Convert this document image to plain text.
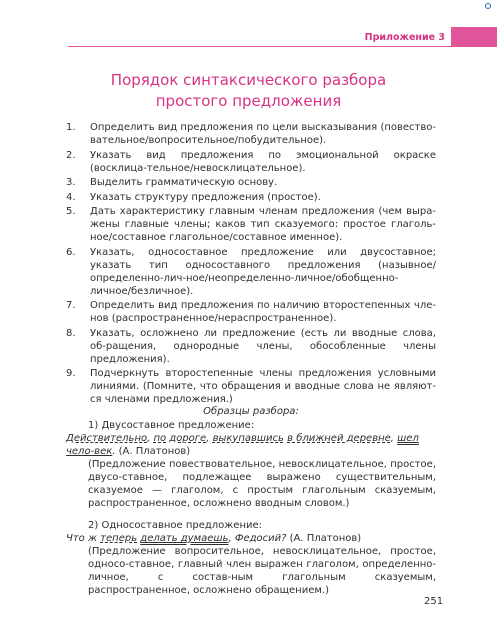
Приложение 3
Порядок синтаксического разбора
простого предложения
1. Определить вид предложения по цели высказывания (повество-вательное/вопросительное/побудительное).
2. Указать вид предложения по эмоциональной окраске (восклица-тельное/невосклицательное).
3. Выделить грамматическую основу.
4. Указать структуру предложения (простое).
5. Дать характеристику главным членам предложения (чем выра-жены главные члены; каков тип сказуемого: простое глаголь-ное/составное глагольное/составное именное).
6. Указать, односоставное предложение или двусоставное; указать тип односоставного предложения (назывное/определенно-лич-ное/неопределенно-личное/обобщенно-личное/безличное).
7. Определить вид предложения по наличию второстепенных чле-нов (распространенное/нераспространенное).
8. Указать, осложнено ли предложение (есть ли вводные слова, об-ращения, однородные члены, обособленные члены предложения).
9. Подчеркнуть второстепенные члены предложения условными линиями. (Помните, что обращения и вводные слова не являют-ся членами предложения.)
Образцы разбора:
1) Двусоставное предложение:
Действительно, по дороге, выкупавшись в ближней деревне, шел чело-век. (А. Платонов)
(Предложение повествовательное, невосклицательное, простое, двусо-ставное, подлежащее выражено существительным, сказуемое — глаголом, с простым глагольным сказуемым, распространенное, осложнено вводным словом.)
2) Односоставное предложение:
Что ж теперь делать думаешь, Федосий? (А. Платонов)
(Предложение вопросительное, невосклицательное, простое, односо-ставное, главный член выражен глаголом, определенно-личное, с состав-ным глагольным сказуемым, распространенное, осложнено обращением.)
251
